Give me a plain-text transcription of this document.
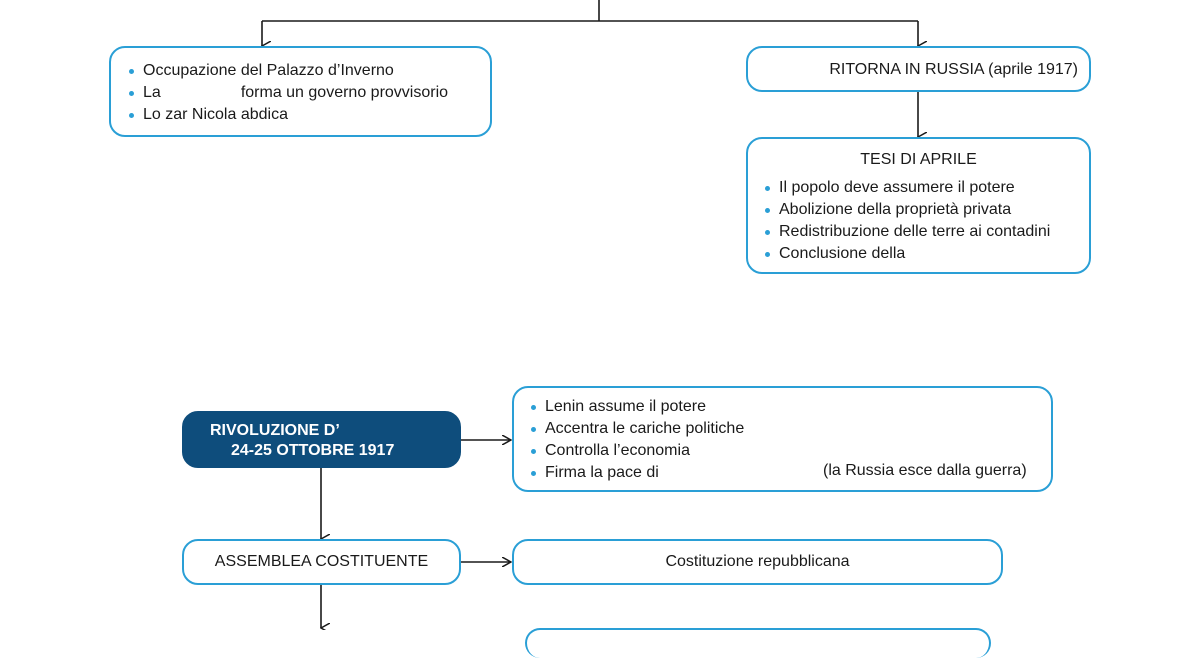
Occupazione del Palazzo d’Inverno
La                  forma un governo provvisorio
Lo zar Nicola abdica
RITORNA IN RUSSIA (aprile 1917)
TESI DI APRILE
Il popolo deve assumere il potere
Abolizione della proprietà privata
Redistribuzione delle terre ai contadini
Conclusione della
RIVOLUZIONE D’
24-25 OTTOBRE 1917
Lenin assume il potere
Accentra le cariche politiche
Controlla l’economia
Firma la pace di	(la Russia esce dalla guerra)
ASSEMBLEA COSTITUENTE	Costituzione repubblicana
